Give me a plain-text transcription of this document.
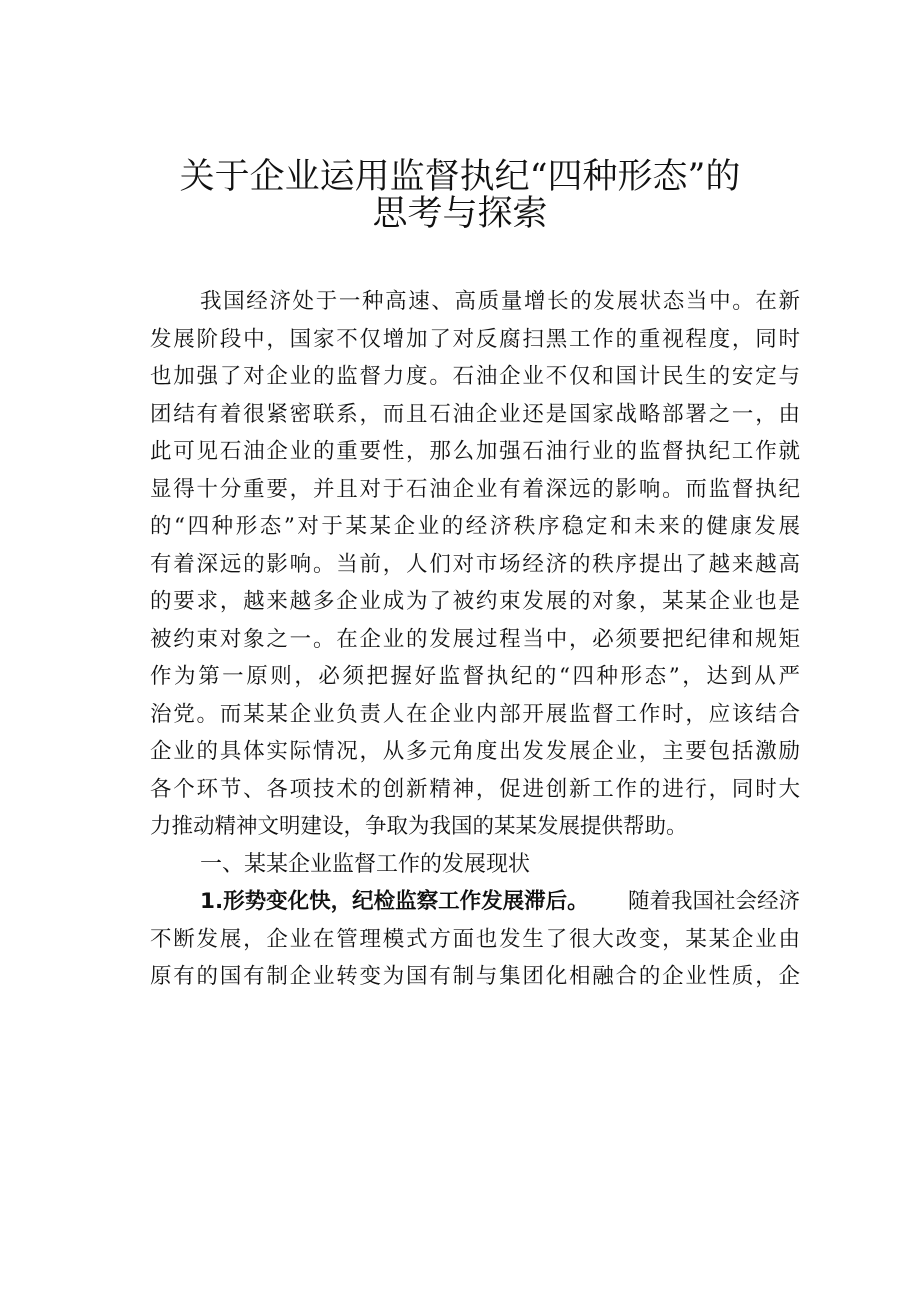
关于企业运用监督执纪“四种形态”的
思考与探索
我国经济处于一种高速、高质量增长的发展状态当中。在新
发展阶段中，国家不仅增加了对反腐扫黑工作的重视程度，同时
也加强了对企业的监督力度。石油企业不仅和国计民生的安定与
团结有着很紧密联系，而且石油企业还是国家战略部署之一，由
此可见石油企业的重要性，那么加强石油行业的监督执纪工作就
显得十分重要，并且对于石油企业有着深远的影响。而监督执纪
的“四种形态”对于某某企业的经济秩序稳定和未来的健康发展
有着深远的影响。当前，人们对市场经济的秩序提出了越来越高
的要求，越来越多企业成为了被约束发展的对象，某某企业也是
被约束对象之一。在企业的发展过程当中，必须要把纪律和规矩
作为第一原则，必须把握好监督执纪的“四种形态”，达到从严
治党。而某某企业负责人在企业内部开展监督工作时，应该结合
企业的具体实际情况，从多元角度出发发展企业，主要包括激励
各个环节、各项技术的创新精神，促进创新工作的进行，同时大
力推动精神文明建设，争取为我国的某某发展提供帮助。
一、某某企业监督工作的发展现状
1.形势变化快，纪检监察工作发展滞后。 随着我国社会经济
不断发展，企业在管理模式方面也发生了很大改变，某某企业由
原有的国有制企业转变为国有制与集团化相融合的企业性质，企
